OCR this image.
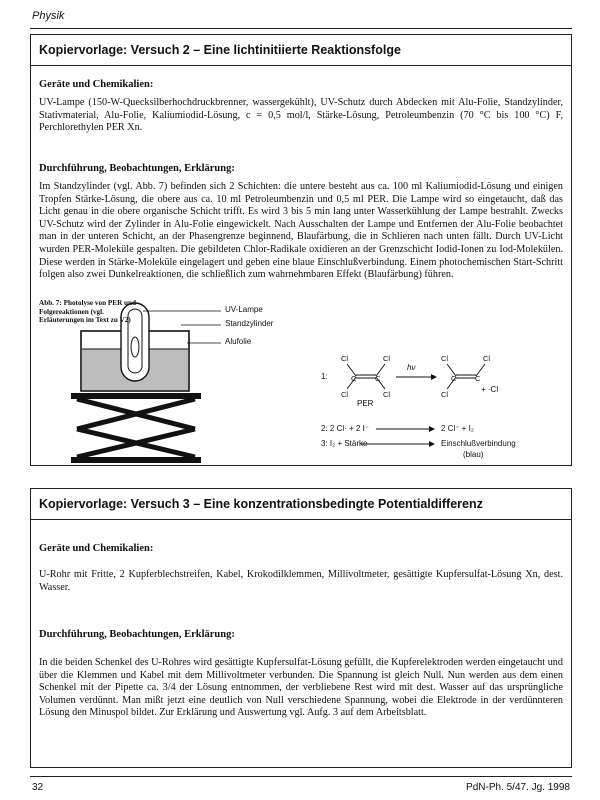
Physik
Kopiervorlage: Versuch 2 – Eine lichtinitiierte Reaktionsfolge
Geräte und Chemikalien:
UV-Lampe (150-W-Quecksilberhochdruckbrenner, wassergekühlt), UV-Schutz durch Abdecken mit Alu-Folie, Standzylinder, Stativmaterial, Alu-Folie, Kaliumiodid-Lösung, c = 0,5 mol/l, Stärke-Lösung, Petroleumbenzin (70 °C bis 100 °C) F, Perchlorethylen PER Xn.
Durchführung, Beobachtungen, Erklärung:
Im Standzylinder (vgl. Abb. 7) befinden sich 2 Schichten: die untere besteht aus ca. 100 ml Kaliumiodid-Lösung und einigen Tropfen Stärke-Lösung, die obere aus ca. 10 ml Petroleumbenzin und 0,5 ml PER. Die Lampe wird so eingetaucht, daß das Licht genau in die obere organische Schicht trifft. Es wird 3 bis 5 min lang unter Wasserkühlung der Lampe bestrahlt. Zwecks UV-Schutz wird der Zylinder in Alu-Folie eingewickelt. Nach Ausschalten der Lampe und Entfernen der Alu-Folie beobachtet man in der unteren Schicht, an der Phasengrenze beginnend, Blaufärbung, die in Schlieren nach unten fällt. Durch UV-Licht wurden PER-Moleküle gespalten. Die gebildeten Chlor-Radikale oxidieren an der Grenzschicht Iodid-Ionen zu Iod-Molekülen. Diese werden in Stärke-Moleküle eingelagert und geben eine blaue Einschlußverbindung. Einem photochemischen Start-Schritt folgen also zwei Dunkelreaktionen, die schließlich zum wahrnehmbaren Effekt (Blaufärbung) führen.
Cl	Cl
Cl	Cl
C C
Cl	Cl
Cl
C C
Abb. 7: Photolyse von PER und Folgereaktionen (vgl. Erläuterungen im Text zu V2)
UV-Lampe
Standzylinder
Alufolie
1:
hν
PER
+ ·Cl
2: 2 Cl· + 2 I⁻	2 Cl⁻ + I₂
3: I₂ + Stärke	Einschlußverbindung
(blau)
Kopiervorlage: Versuch 3 – Eine konzentrationsbedingte Potentialdifferenz
Geräte und Chemikalien:
U-Rohr mit Fritte, 2 Kupferblechstreifen, Kabel, Krokodilklemmen, Millivoltmeter, gesättigte Kupfersulfat-Lösung Xn, dest. Wasser.
Durchführung, Beobachtungen, Erklärung:
In die beiden Schenkel des U-Rohres wird gesättigte Kupfersulfat-Lösung gefüllt, die Kupferelektroden werden eingetaucht und über die Klemmen und Kabel mit dem Millivoltmeter verbunden. Die Spannung ist gleich Null. Nun werden aus dem einen Schenkel mit der Pipette ca. 3/4 der Lösung entnommen, der verbliebene Rest wird mit dest. Wasser auf das ursprüngliche Volumen verdünnt. Man mißt jetzt eine deutlich von Null verschiedene Spannung, wobei die Elektrode in der verdünnteren Lösung den Minuspol bildet. Zur Erklärung und Auswertung vgl. Aufg. 3 auf dem Arbeitsblatt.
32	PdN-Ph. 5/47. Jg. 1998
